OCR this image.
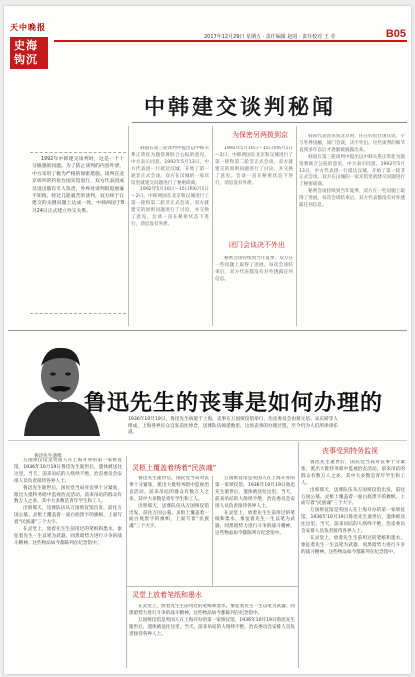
天中晚报
史海钩沉
2017年12月29日 星期五 · 责任编辑 赵国 · 责任校对 王 莹	B05
中韩建交谈判秘闻

1992年中韩建交谈判时，这是一个十分敏感的问题。为了防止谈判的内容外泄，中方采用了极为严格的保密措施。谈判在北京郊外的钓鱼台国宾馆进行，双方代表团成员进出都有专人负责，外界对谈判的进展毫不知情。经过几轮艰苦的谈判，双方终于在建交的关键问题上达成一致，中韩两国于8月24日正式建立外交关系。

为保密另两拨到京
闭门会谈决不外出

韩国在第三轮谈判中提出以中韩关系正常化为题签署联合公报的意见，中方表示同意。1992年5月13日，中方代表团一行抵达汉城，开始了第一轮非正式会谈。双方在汉城的一家宾馆里就建交问题进行了秘密磋商。

1992年5月10日～15日和6月1日～2日，中韩两国在北京和汉城进行了第一轮和第二轮非正式会谈。双方就建交的原则问题进行了讨论，并交换了意见。会谈一直在秘密状态下进行，消息没有外泄。

1992年5月10日～15日和6月1日～2日，中韩两国在北京和汉城进行了第一轮和第二轮非正式会谈。双方就建交的原则问题进行了讨论，并交换了意见。会谈一直在秘密状态下进行，消息没有外泄。

秘密会谈持续到当年夏季，双方在一些问题上取得了进展。每次会谈结束后，双方代表都没有对外透露任何信息。

韩国代表团来到北京时，住在钓鱼台国宾馆，不与外界接触，闭门会谈，决不外出。这些谈判的细节直到多年以后才逐渐被披露出来。

韩国在第三轮谈判中提出以中韩关系正常化为题签署联合公报的意见，中方表示同意。1992年5月13日，中方代表团一行抵达汉城，开始了第一轮非正式会谈。双方在汉城的一家宾馆里就建交问题进行了秘密磋商。

秘密会谈持续到当年夏季，双方在一些问题上取得了进展。每次会谈结束后，双方代表都没有对外透露任何信息。

鲁迅先生的丧事是如何办理的
1936年10月19日，鲁迅先生病逝于上海，丧事在万国殡仪馆举行。治丧委员会由蔡元培、宋庆龄等人组成，上海各界民众自发前往悼念，送葬队伍绵延数里。这场丧事的办理过程，至今仍为人们所津津乐道。
鲁迅先生遗像
丧事受到特务监视
灵柩上覆盖着绣着“民族魂”
灵堂上放着笔纸和墨水

万国殡仪馆是英国人在上海开办的第一家殡仪馆，1936年10月19日鲁迅先生逝世后，遗体被送往这里。当天，前来吊唁的人络绎不绝，治丧委员会安排人员负责接待各界人士。

鲁迅先生逝世后，国民党当局对丧事十分紧张，派出大批特务暗中监视治丧活动。前来吊唁的群众有数万人之多，其中大多数是青年学生和工人。

出殡那天，送葬队伍从万国殡仪馆出发，前往万国公墓。灵柩上覆盖着一面白底黑字的旗帜，上面写着“民族魂”三个大字。

在灵堂上，放着先生生前用过的笔纸和墨水，象征着先生一生以笔为武器，同黑暗势力进行斗争的战斗精神。这些物品如今都陈列在纪念馆中。

鲁迅先生逝世后，国民党当局对丧事十分紧张，派出大批特务暗中监视治丧活动。前来吊唁的群众有数万人之多，其中大多数是青年学生和工人。

出殡那天，送葬队伍从万国殡仪馆出发，前往万国公墓。灵柩上覆盖着一面白底黑字的旗帜，上面写着“民族魂”三个大字。

万国殡仪馆是英国人在上海开办的第一家殡仪馆，1936年10月19日鲁迅先生逝世后，遗体被送往这里。当天，前来吊唁的人络绎不绝，治丧委员会安排人员负责接待各界人士。

在灵堂上，放着先生生前用过的笔纸和墨水，象征着先生一生以笔为武器，同黑暗势力进行斗争的战斗精神。这些物品如今都陈列在纪念馆中。

在灵堂上，放着先生生前用过的笔纸和墨水，象征着先生一生以笔为武器，同黑暗势力进行斗争的战斗精神。这些物品如今都陈列在纪念馆中。

万国殡仪馆是英国人在上海开办的第一家殡仪馆，1936年10月19日鲁迅先生逝世后，遗体被送往这里。当天，前来吊唁的人络绎不绝，治丧委员会安排人员负责接待各界人士。

鲁迅先生逝世后，国民党当局对丧事十分紧张，派出大批特务暗中监视治丧活动。前来吊唁的群众有数万人之多，其中大多数是青年学生和工人。

出殡那天，送葬队伍从万国殡仪馆出发，前往万国公墓。灵柩上覆盖着一面白底黑字的旗帜，上面写着“民族魂”三个大字。

万国殡仪馆是英国人在上海开办的第一家殡仪馆，1936年10月19日鲁迅先生逝世后，遗体被送往这里。当天，前来吊唁的人络绎不绝，治丧委员会安排人员负责接待各界人士。

在灵堂上，放着先生生前用过的笔纸和墨水，象征着先生一生以笔为武器，同黑暗势力进行斗争的战斗精神。这些物品如今都陈列在纪念馆中。
